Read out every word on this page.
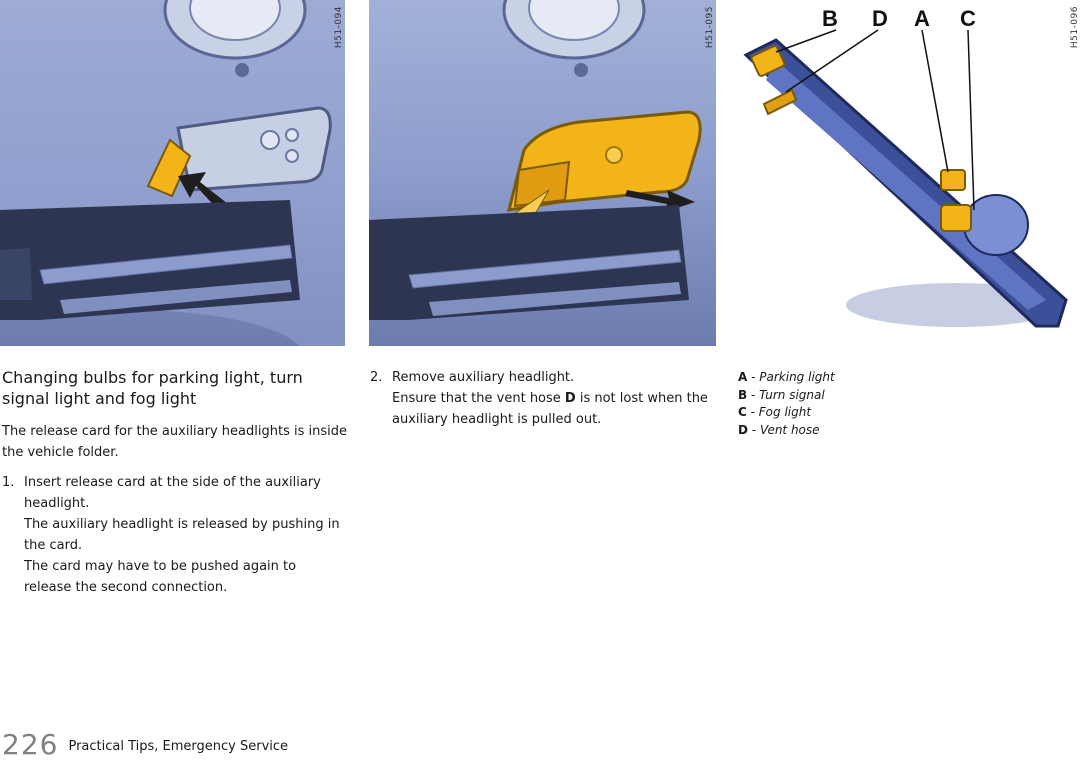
H51-094	H51-095	B D A C	H51-096
Changing bulbs for parking light, turn signal light and fog light

The release card for the auxiliary headlights is inside the vehicle folder.

1. Insert release card at the side of the auxiliary headlight.
The auxiliary headlight is released by pushing in the card.
The card may have to be pushed again to release the second connection.
2. Remove auxiliary headlight.
Ensure that the vent hose D is not lost when the auxiliary headlight is pulled out.
A - Parking light
B - Turn signal
C - Fog light
D - Vent hose
226 $^{Practical Tips, Emergency Service}$
